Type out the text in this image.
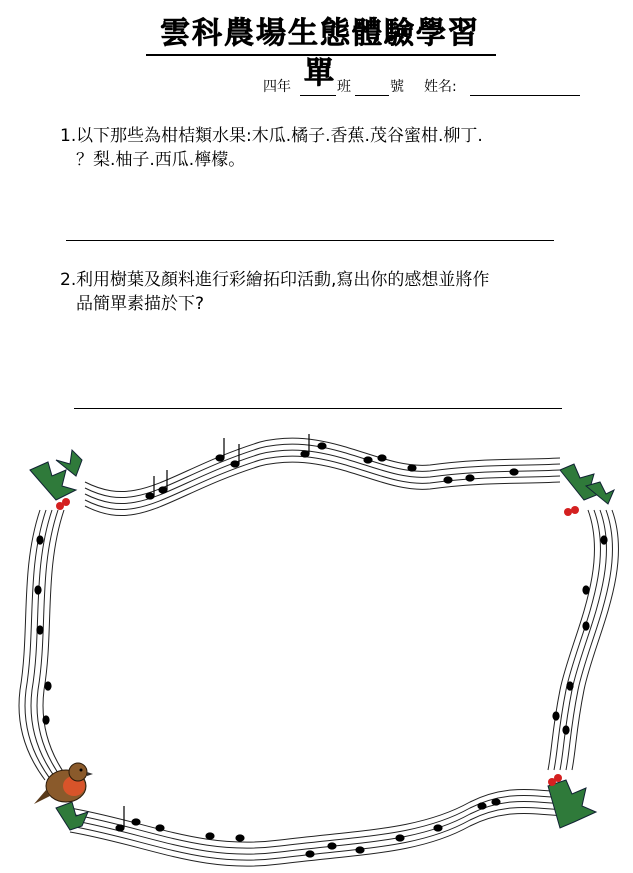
雲科農場生態體驗學習單
四年	班	號 姓名:
1.以下那些為柑桔類水果:木瓜.橘子.香蕉.茂谷蜜柑.柳丁.
？梨.柚子.西瓜.檸檬。
2.利用樹葉及顏料進行彩繪拓印活動,寫出你的感想並將作
品簡單素描於下?
